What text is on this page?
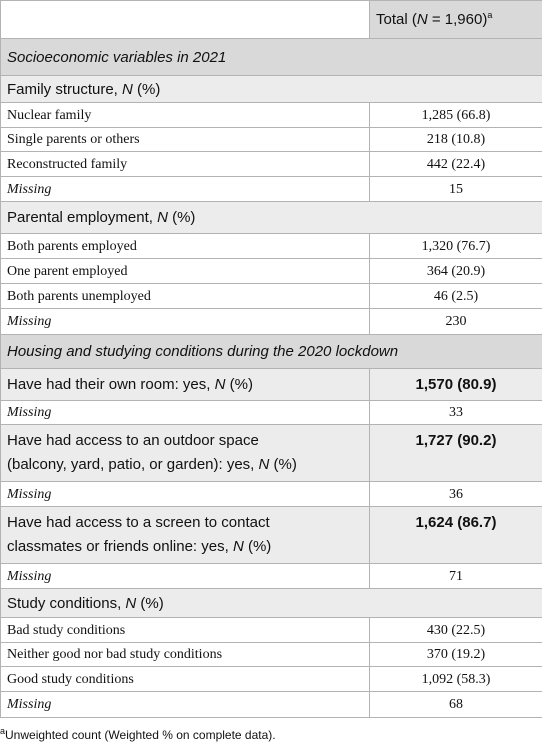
	Total (N = 1,960)$^a$
Socioeconomic variables in 2021	
Family structure, N (%)	
Nuclear family	1,285 (66.8)
Single parents or others	218 (10.8)
Reconstructed family	442 (22.4)
Missing	15
Parental employment, N (%)	
Both parents employed	1,320 (76.7)
One parent employed	364 (20.9)
Both parents unemployed	46 (2.5)
Missing	230
Housing and studying conditions during the 2020 lockdown	
Have had their own room: yes, N (%)	1,570 (80.9)
Missing	33
Have had access to an outdoor space
(balcony, yard, patio, or garden): yes, N (%)	1,727 (90.2)
Missing	36
Have had access to a screen to contact
classmates or friends online: yes, N (%)	1,624 (86.7)
Missing	71
Study conditions, N (%)	
Bad study conditions	430 (22.5)
Neither good nor bad study conditions	370 (19.2)
Good study conditions	1,092 (58.3)
Missing	68
$^a$Unweighted count (Weighted % on complete data).
